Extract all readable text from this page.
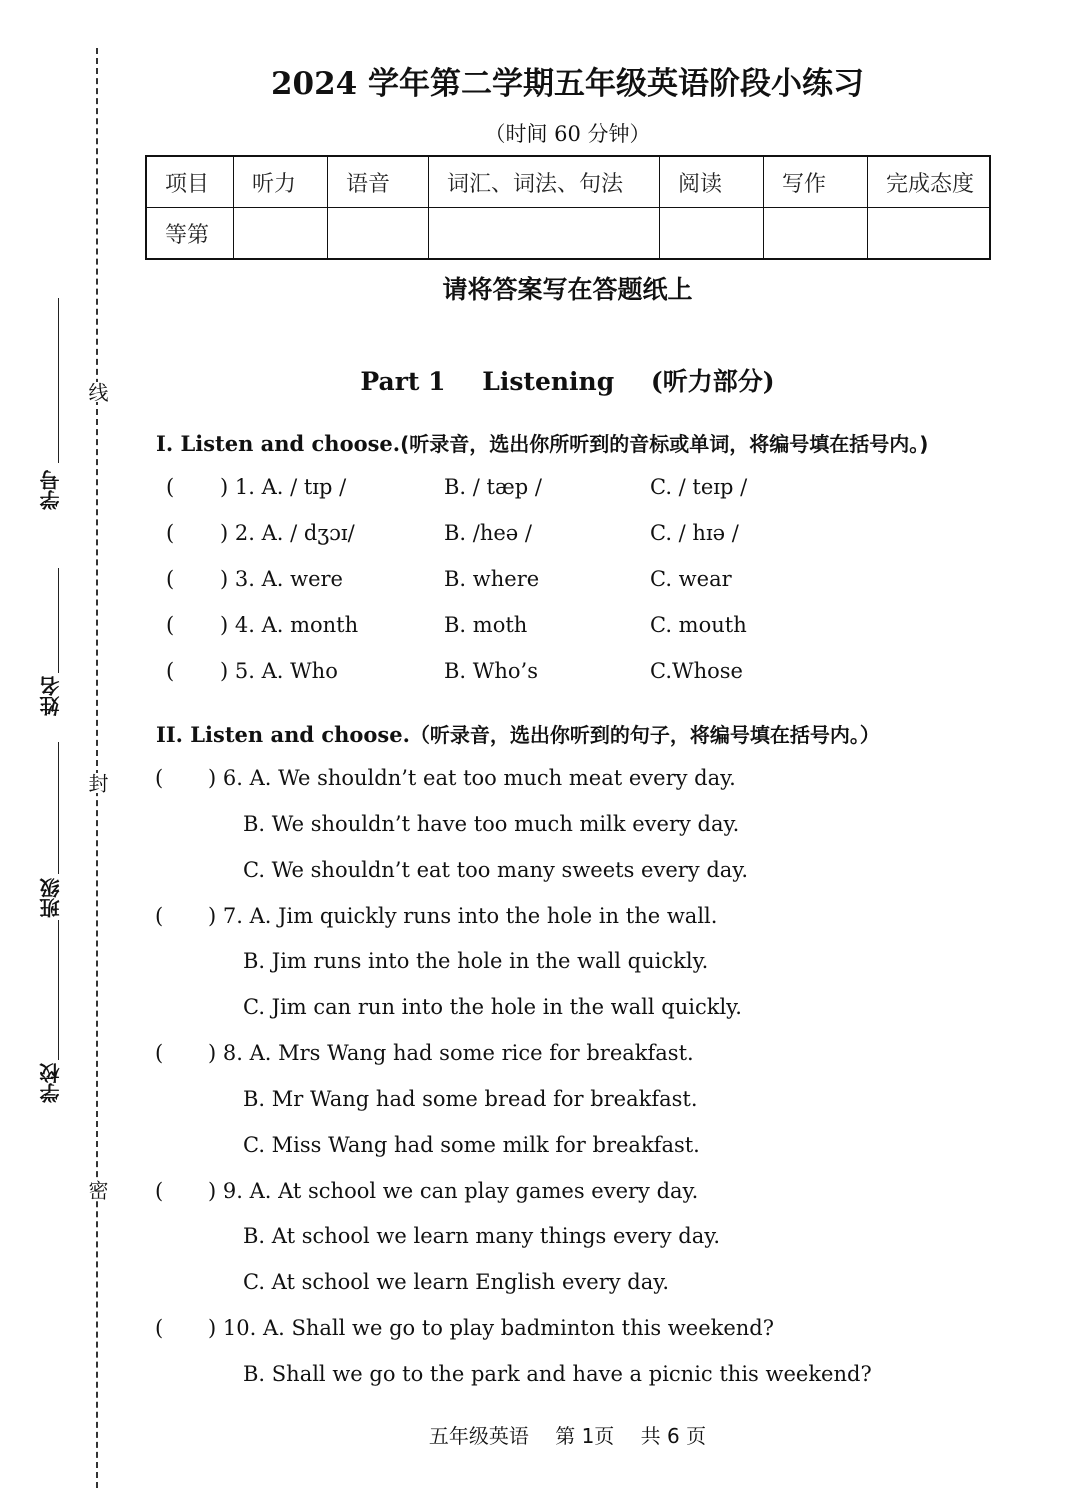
线
封
密
学号
姓名
班级
学校
2024 学年第二学期五年级英语阶段小练习
（时间 60 分钟）
项目	听力	语音	词汇、词法、句法	阅读	写作	完成态度
等第						
请将答案写在答题纸上
Part 1 Listening (听力部分)
I. Listen and choose.(听录音，选出你所听到的音标或单词，将编号填在括号内。)
( ) 1. A. / tɪp /	B. / tæp /	C. / teɪp /
( ) 2. A. / dʒɔɪ/	B. /heə /	C. / hɪə /
( ) 3. A. were	B. where	C. wear
( ) 4. A. month	B. moth	C. mouth
( ) 5. A. Who	B. Who’s	C.Whose
II. Listen and choose.（听录音，选出你听到的句子，将编号填在括号内。）
( ) 6. A. We shouldn’t eat too much meat every day.
B. We shouldn’t have too much milk every day.
C. We shouldn’t eat too many sweets every day.
( ) 7. A. Jim quickly runs into the hole in the wall.
B. Jim runs into the hole in the wall quickly.
C. Jim can run into the hole in the wall quickly.
( ) 8. A. Mrs Wang had some rice for breakfast.
B. Mr Wang had some bread for breakfast.
C. Miss Wang had some milk for breakfast.
( ) 9. A. At school we can play games every day.
B. At school we learn many things every day.
C. At school we learn English every day.
( ) 10. A. Shall we go to play badminton this weekend?
B. Shall we go to the park and have a picnic this weekend?
五年级英语 第 1页 共 6 页
